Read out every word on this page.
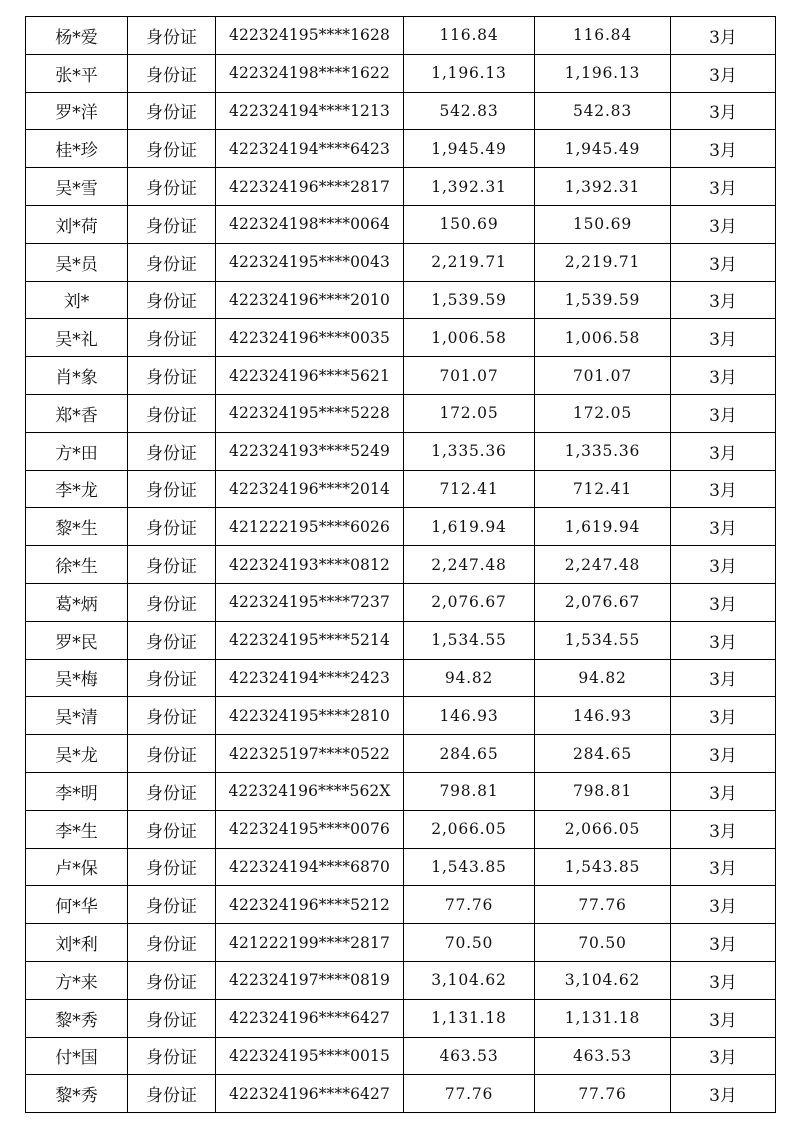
杨*爱	身份证	422324195****1628	116.84	116.84	3月
张*平	身份证	422324198****1622	1,196.13	1,196.13	3月
罗*洋	身份证	422324194****1213	542.83	542.83	3月
桂*珍	身份证	422324194****6423	1,945.49	1,945.49	3月
吴*雪	身份证	422324196****2817	1,392.31	1,392.31	3月
刘*荷	身份证	422324198****0064	150.69	150.69	3月
吴*员	身份证	422324195****0043	2,219.71	2,219.71	3月
刘*	身份证	422324196****2010	1,539.59	1,539.59	3月
吴*礼	身份证	422324196****0035	1,006.58	1,006.58	3月
肖*象	身份证	422324196****5621	701.07	701.07	3月
郑*香	身份证	422324195****5228	172.05	172.05	3月
方*田	身份证	422324193****5249	1,335.36	1,335.36	3月
李*龙	身份证	422324196****2014	712.41	712.41	3月
黎*生	身份证	421222195****6026	1,619.94	1,619.94	3月
徐*生	身份证	422324193****0812	2,247.48	2,247.48	3月
葛*炳	身份证	422324195****7237	2,076.67	2,076.67	3月
罗*民	身份证	422324195****5214	1,534.55	1,534.55	3月
吴*梅	身份证	422324194****2423	94.82	94.82	3月
吴*清	身份证	422324195****2810	146.93	146.93	3月
吴*龙	身份证	422325197****0522	284.65	284.65	3月
李*明	身份证	422324196****562X	798.81	798.81	3月
李*生	身份证	422324195****0076	2,066.05	2,066.05	3月
卢*保	身份证	422324194****6870	1,543.85	1,543.85	3月
何*华	身份证	422324196****5212	77.76	77.76	3月
刘*利	身份证	421222199****2817	70.50	70.50	3月
方*来	身份证	422324197****0819	3,104.62	3,104.62	3月
黎*秀	身份证	422324196****6427	1,131.18	1,131.18	3月
付*国	身份证	422324195****0015	463.53	463.53	3月
黎*秀	身份证	422324196****6427	77.76	77.76	3月
